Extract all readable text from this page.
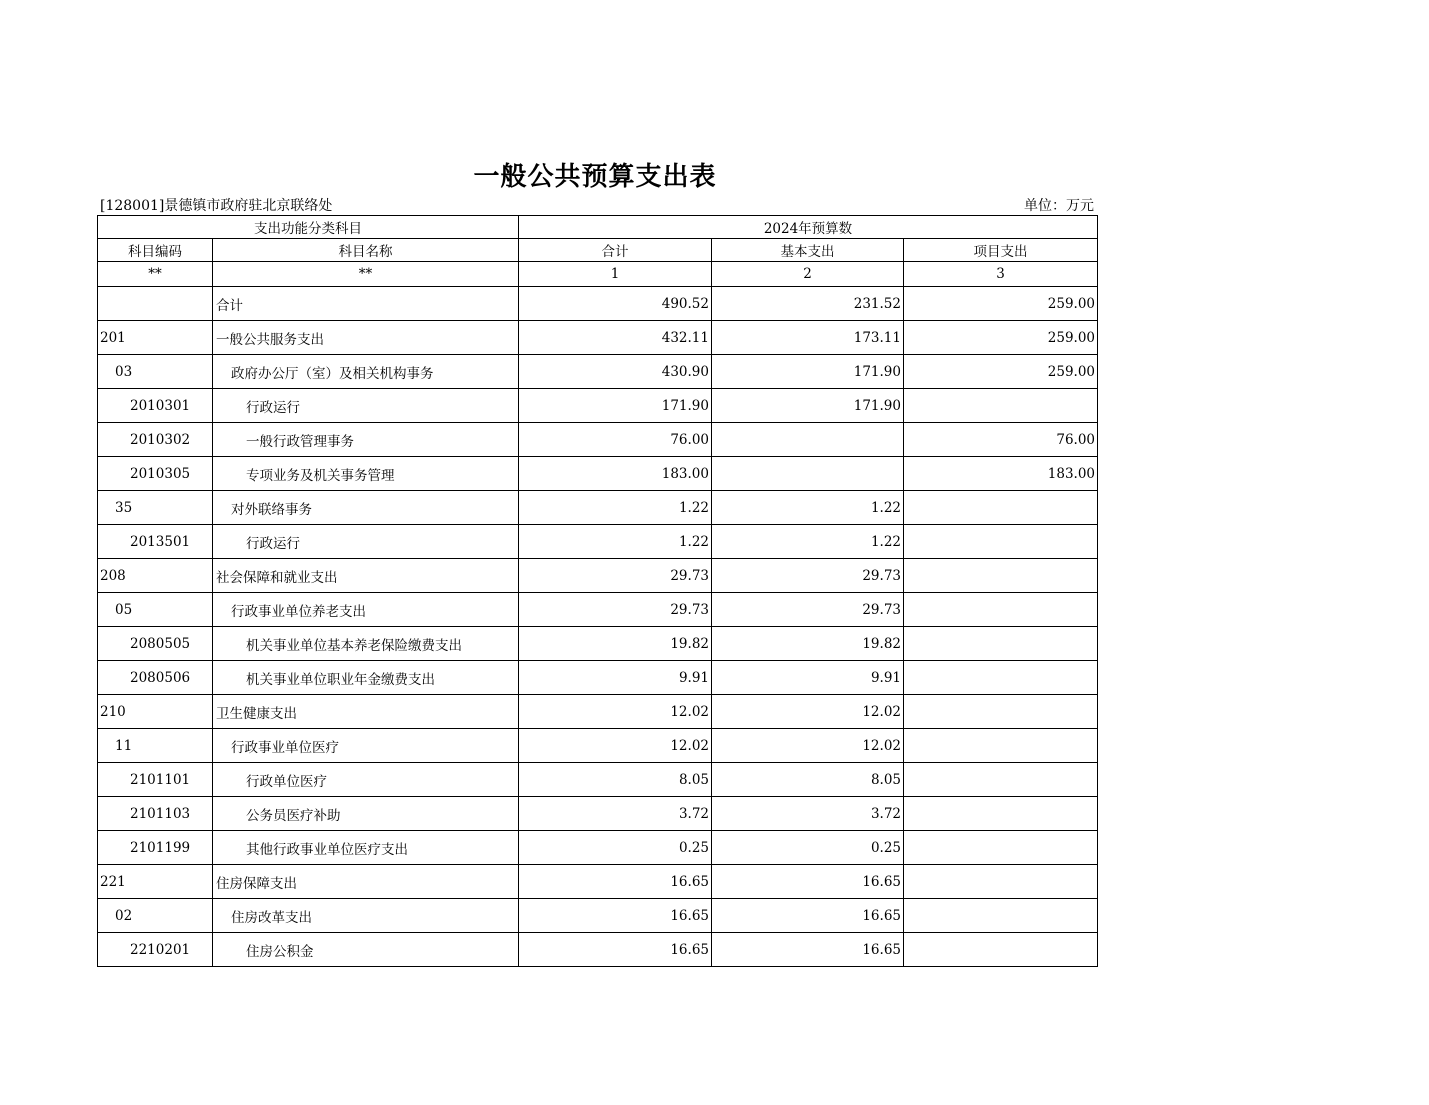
一般公共预算支出表
[128001]景德镇市政府驻北京联络处	单位：万元
支出功能分类科目		2024年预算数		
科目编码	科目名称	合计	基本支出	项目支出
**	**	1	2	3
	合计	490.52	231.52	259.00
201	一般公共服务支出	432.11	173.11	259.00
03	政府办公厅（室）及相关机构事务	430.90	171.90	259.00
2010301	行政运行	171.90	171.90	
2010302	一般行政管理事务	76.00		76.00
2010305	专项业务及机关事务管理	183.00		183.00
35	对外联络事务	1.22	1.22	
2013501	行政运行	1.22	1.22	
208	社会保障和就业支出	29.73	29.73	
05	行政事业单位养老支出	29.73	29.73	
2080505	机关事业单位基本养老保险缴费支出	19.82	19.82	
2080506	机关事业单位职业年金缴费支出	9.91	9.91	
210	卫生健康支出	12.02	12.02	
11	行政事业单位医疗	12.02	12.02	
2101101	行政单位医疗	8.05	8.05	
2101103	公务员医疗补助	3.72	3.72	
2101199	其他行政事业单位医疗支出	0.25	0.25	
221	住房保障支出	16.65	16.65	
02	住房改革支出	16.65	16.65	
2210201	住房公积金	16.65	16.65	
